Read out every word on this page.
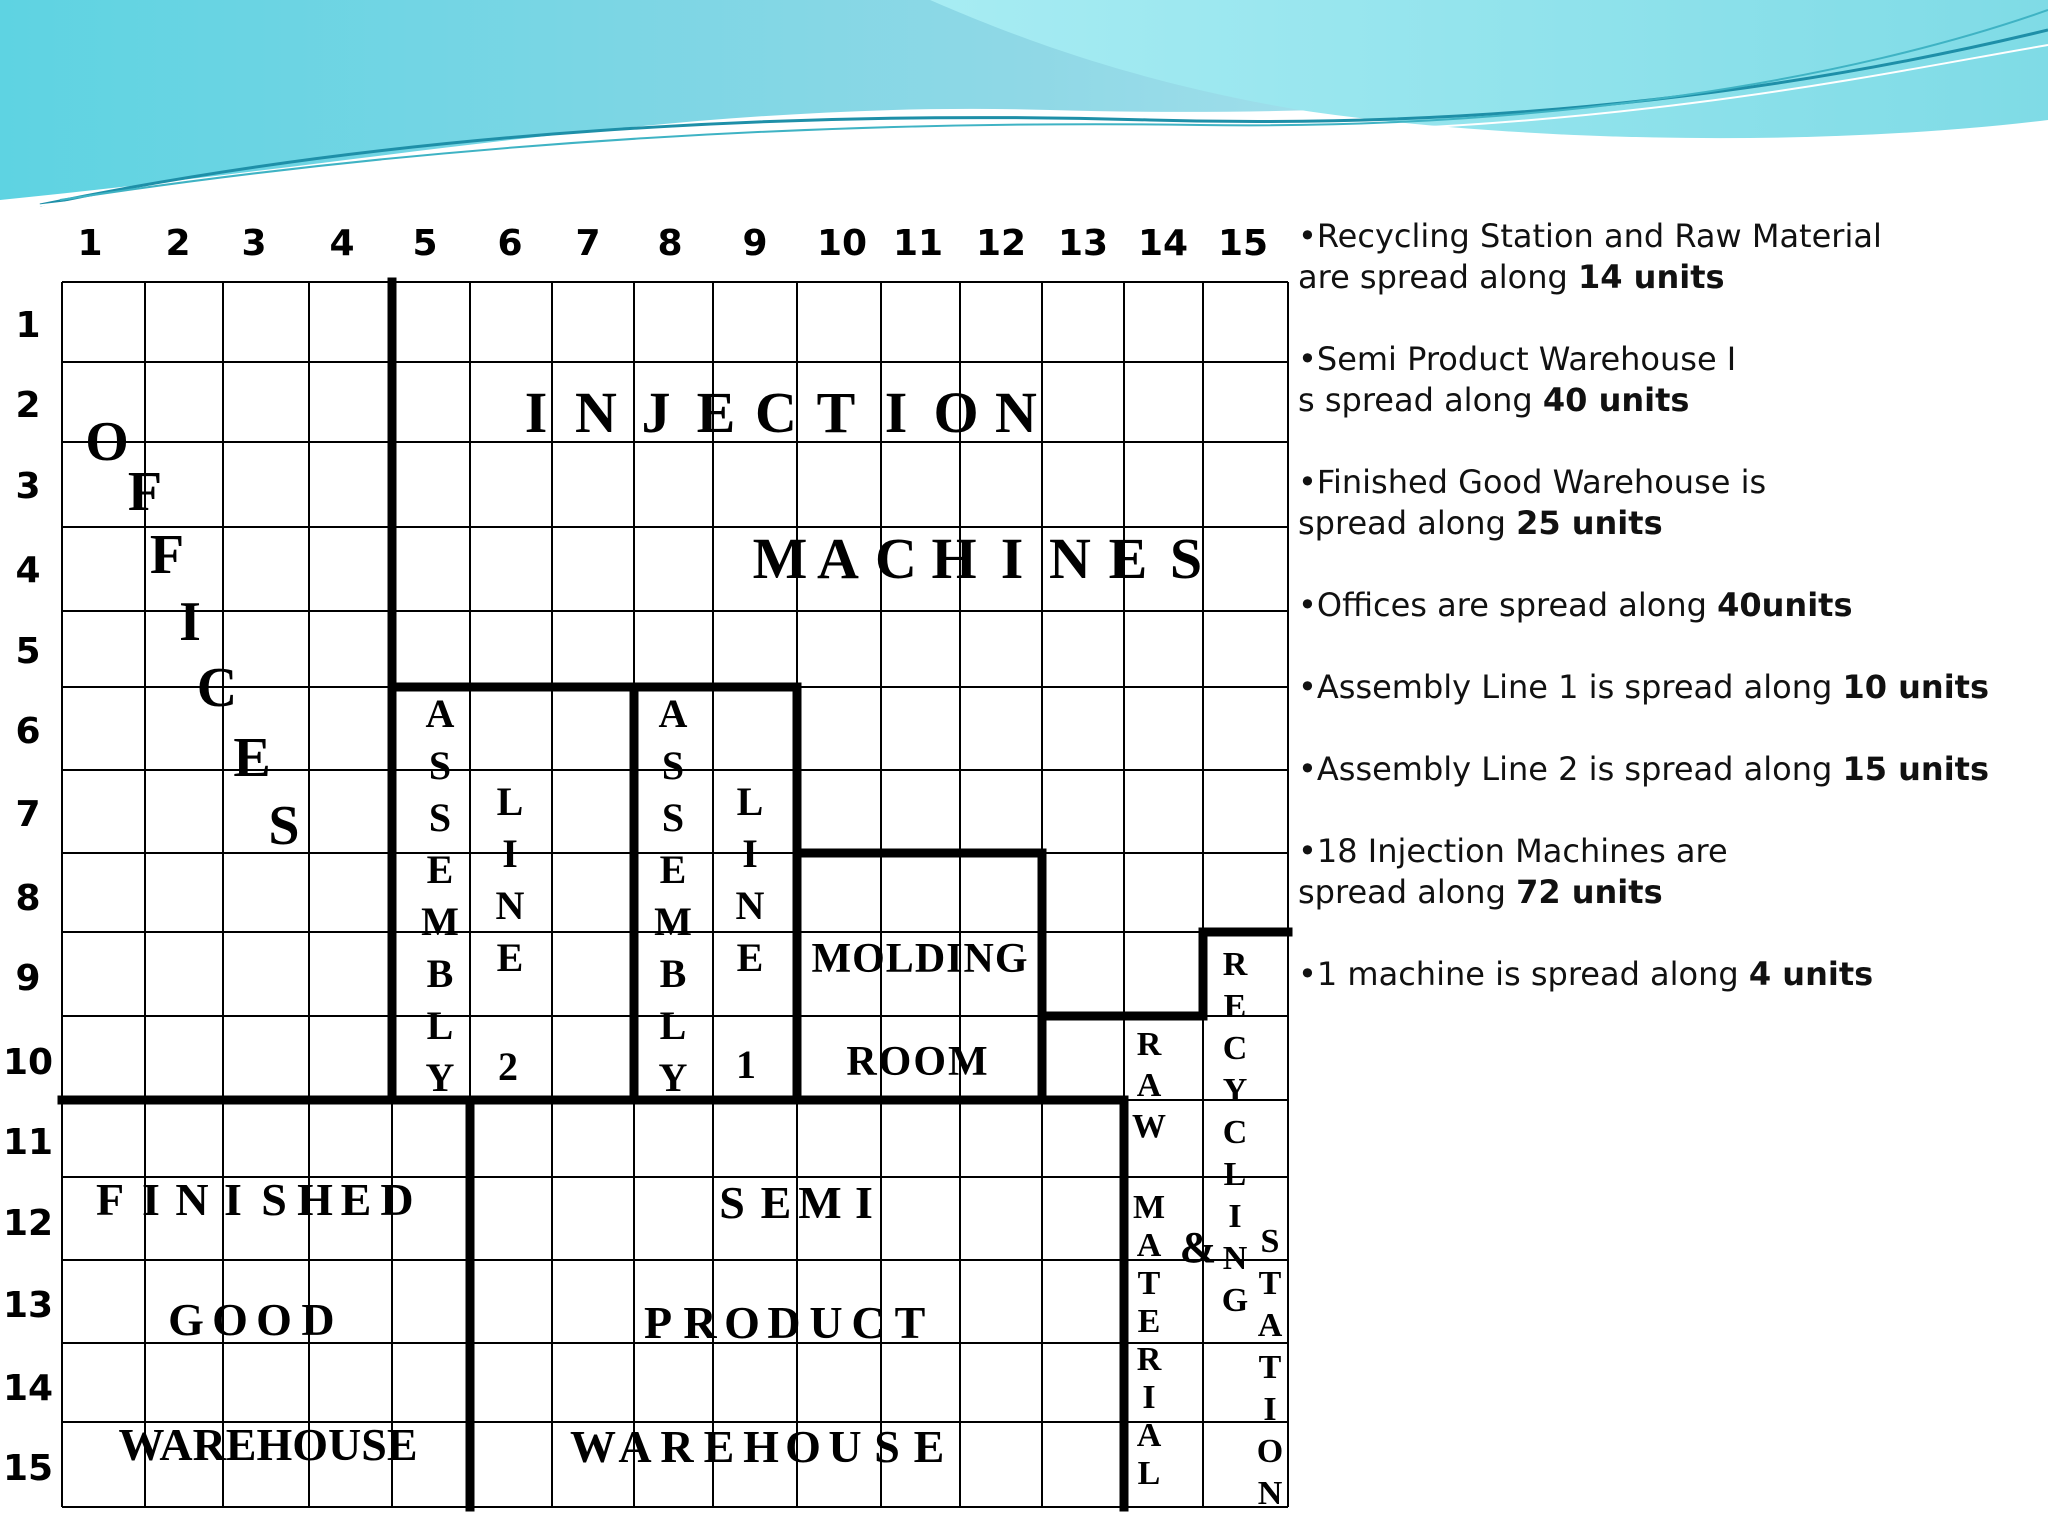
1 2 3 4 5 6 7 8 9 10 11 12 13 14 15
1
2
3
4
5
6
7
8
9
10
11
12
13
14
15
I N J E C T I O N
M A C H I N E S
O
F
F
I
C
E
S
A
S
S
E
M
B
L
Y
L
I
N
E
2
A
S
S
E
M
B
L
Y
L
I
N
E
1
MOLDING
ROOM
R
E
C
Y
C
L
I
N
G
S
T
A
T
I
O
N
R
A
W
M
A
T
E
R
I
A
L
&
F I N I S H E D
G O O D
WAREHOUSE
S E M I
P R O D U C T
W A R E H O U S E

•Recycling Station and Raw Material
are spread along 14 units

•Semi Product Warehouse I
s spread along 40 units

•Finished Good Warehouse is
spread along 25 units

•Offices are spread along 40units

•Assembly Line 1 is spread along 10 units

•Assembly Line 2 is spread along 15 units

•18 Injection Machines are
spread along 72 units

•1 machine is spread along 4 units
